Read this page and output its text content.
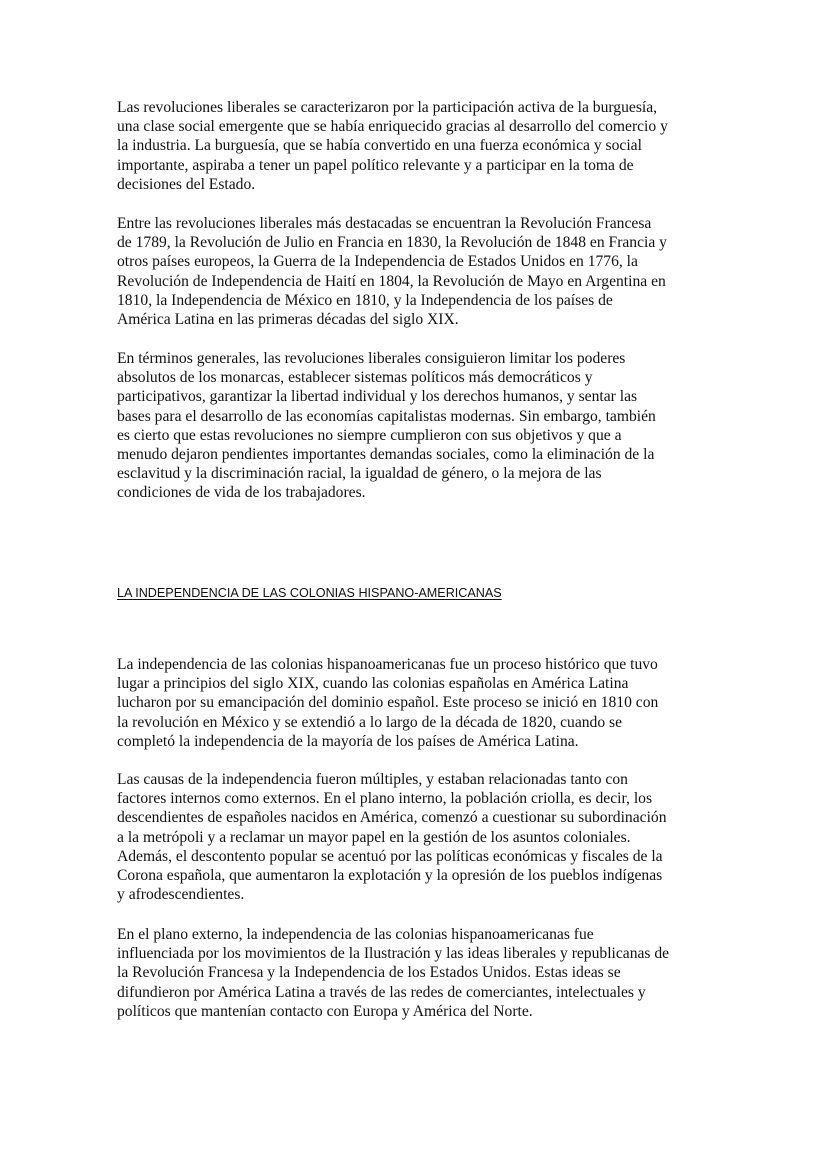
Las revoluciones liberales se caracterizaron por la participación activa de la burguesía,
una clase social emergente que se había enriquecido gracias al desarrollo del comercio y
la industria. La burguesía, que se había convertido en una fuerza económica y social
importante, aspiraba a tener un papel político relevante y a participar en la toma de
decisiones del Estado.

Entre las revoluciones liberales más destacadas se encuentran la Revolución Francesa
de 1789, la Revolución de Julio en Francia en 1830, la Revolución de 1848 en Francia y
otros países europeos, la Guerra de la Independencia de Estados Unidos en 1776, la
Revolución de Independencia de Haití en 1804, la Revolución de Mayo en Argentina en
1810, la Independencia de México en 1810, y la Independencia de los países de
América Latina en las primeras décadas del siglo XIX.

En términos generales, las revoluciones liberales consiguieron limitar los poderes
absolutos de los monarcas, establecer sistemas políticos más democráticos y
participativos, garantizar la libertad individual y los derechos humanos, y sentar las
bases para el desarrollo de las economías capitalistas modernas. Sin embargo, también
es cierto que estas revoluciones no siempre cumplieron con sus objetivos y que a
menudo dejaron pendientes importantes demandas sociales, como la eliminación de la
esclavitud y la discriminación racial, la igualdad de género, o la mejora de las
condiciones de vida de los trabajadores.

LA INDEPENDENCIA DE LAS COLONIAS HISPANO-AMERICANAS

La independencia de las colonias hispanoamericanas fue un proceso histórico que tuvo
lugar a principios del siglo XIX, cuando las colonias españolas en América Latina
lucharon por su emancipación del dominio español. Este proceso se inició en 1810 con
la revolución en México y se extendió a lo largo de la década de 1820, cuando se
completó la independencia de la mayoría de los países de América Latina.

Las causas de la independencia fueron múltiples, y estaban relacionadas tanto con
factores internos como externos. En el plano interno, la población criolla, es decir, los
descendientes de españoles nacidos en América, comenzó a cuestionar su subordinación
a la metrópoli y a reclamar un mayor papel en la gestión de los asuntos coloniales.
Además, el descontento popular se acentuó por las políticas económicas y fiscales de la
Corona española, que aumentaron la explotación y la opresión de los pueblos indígenas
y afrodescendientes.

En el plano externo, la independencia de las colonias hispanoamericanas fue
influenciada por los movimientos de la Ilustración y las ideas liberales y republicanas de
la Revolución Francesa y la Independencia de los Estados Unidos. Estas ideas se
difundieron por América Latina a través de las redes de comerciantes, intelectuales y
políticos que mantenían contacto con Europa y América del Norte.
